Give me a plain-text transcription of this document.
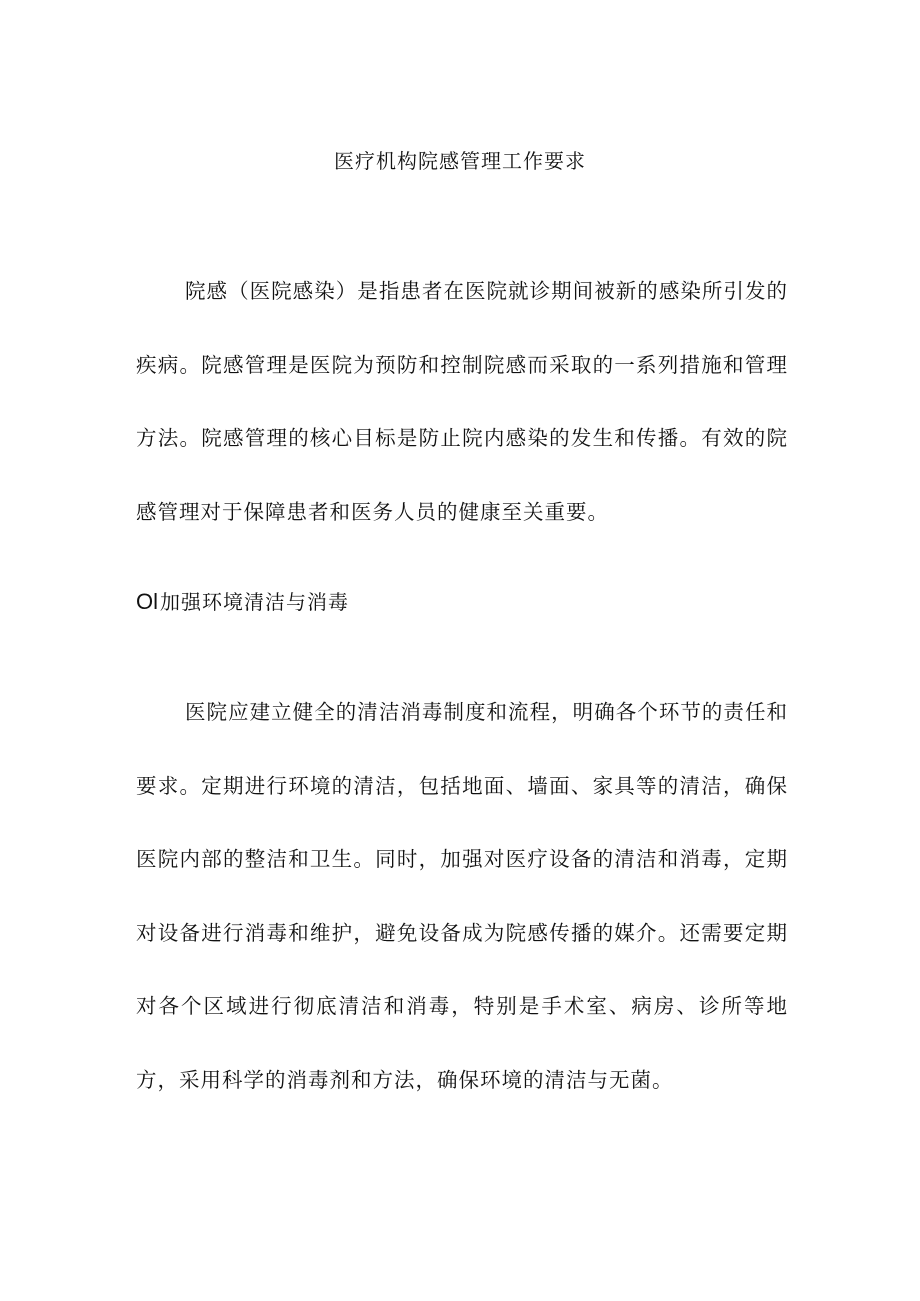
医疗机构院感管理工作要求

院感（医院感染）是指患者在医院就诊期间被新的感染所引发的疾病。院感管理是医院为预防和控制院感而采取的一系列措施和管理方法。院感管理的核心目标是防止院内感染的发生和传播。有效的院感管理对于保障患者和医务人员的健康至关重要。

Ol 加强环境清洁与消毒

医院应建立健全的清洁消毒制度和流程，明确各个环节的责任和要求。定期进行环境的清洁，包括地面、墙面、家具等的清洁，确保医院内部的整洁和卫生。同时，加强对医疗设备的清洁和消毒，定期对设备进行消毒和维护，避免设备成为院感传播的媒介。还需要定期对各个区域进行彻底清洁和消毒，特别是手术室、病房、诊所等地方，采用科学的消毒剂和方法，确保环境的清洁与无菌。
